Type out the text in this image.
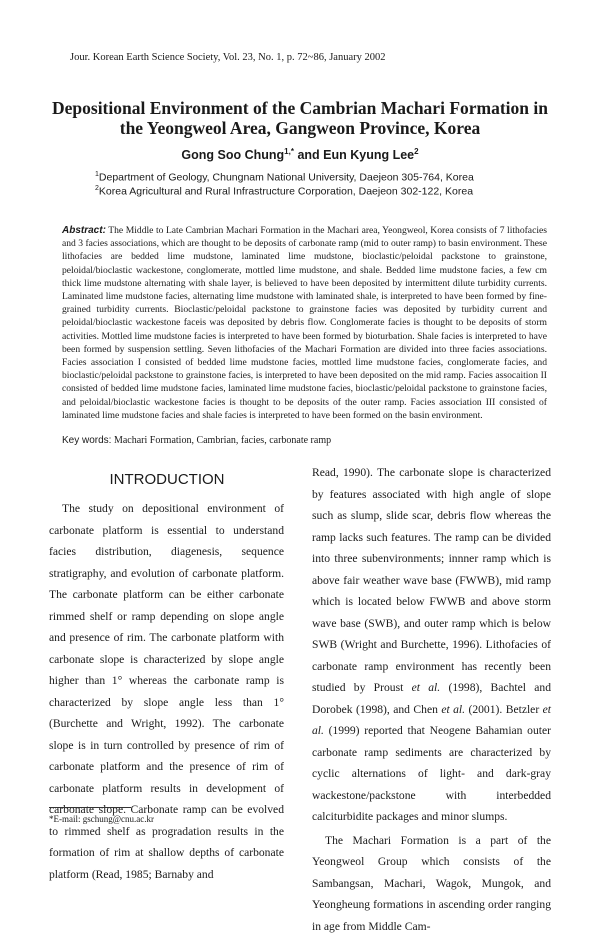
Jour. Korean Earth Science Society, Vol. 23, No. 1, p. 72~86, January 2002
Depositional Environment of the Cambrian Machari Formation in the Yeongweol Area, Gangweon Province, Korea
Gong Soo Chung$^{1,*}$ and Eun Kyung Lee$^2$
$^1$Department of Geology, Chungnam National University, Daejeon 305-764, Korea
$^2$Korea Agricultural and Rural Infrastructure Corporation, Daejeon 302-122, Korea
Abstract: The Middle to Late Cambrian Machari Formation in the Machari area, Yeongweol, Korea consists of 7 lithofacies and 3 facies associations, which are thought to be deposits of carbonate ramp (mid to outer ramp) to basin environment. These lithofacies are bedded lime mudstone, laminated lime mudstone, bioclastic/peloidal packstone to grainstone, peloidal/bioclastic wackestone, conglomerate, mottled lime mudstone, and shale. Bedded lime mudstone facies, a few cm thick lime mudstone alternating with shale layer, is believed to have been deposited by intermittent dilute turbidity currents. Laminated lime mudstone facies, alternating lime mudstone with laminated shale, is interpreted to have been formed by fine-grained turbidity currents. Bioclastic/peloidal packstone to grainstone facies was deposited by turbidity current and peloidal/bioclastic wackestone faceis was deposited by debris flow. Conglomerate facies is thought to be deposits of storm activities. Mottled lime mudstone facies is interpreted to have been formed by bioturbation. Shale facies is interpreted to have been formed by suspension settling. Seven lithofacies of the Machari Formation are divided into three facies associations. Facies association I consisted of bedded lime mudstone facies, mottled lime mudstone facies, conglomerate facies, and bioclastic/peloidal packstone to grainstone facies, is interpreted to have been deposited on the mid ramp. Facies assocaition II consisted of bedded lime mudstone facies, laminated lime mudstone facies, bioclastic/peloidal packstone to grainstone facies, and peloidal/bioclastic wackestone facies is thought to be deposits of the outer ramp. Facies association III consisted of laminated lime mudstone facies and shale facies is interpreted to have been formed on the basin environment.
Key words: Machari Formation, Cambrian, facies, carbonate ramp
INTRODUCTION

The study on depositional environment of carbonate platform is essential to understand facies distribution, diagenesis, sequence stratigraphy, and evolution of carbonate platform. The carbonate platform can be either carbonate rimmed shelf or ramp depending on slope angle and presence of rim. The carbonate platform with carbonate slope is characterized by slope angle higher than 1° whereas the carbonate ramp is characterized by slope angle less than 1° (Burchette and Wright, 1992). The carbonate slope is in turn controlled by presence of rim of carbonate platform and the presence of rim of carbonate platform results in development of carbonate slope. Carbonate ramp can be evolved to rimmed shelf as progradation results in the formation of rim at shallow depths of carbonate platform (Read, 1985; Barnaby and

Read, 1990). The carbonate slope is characterized by features associated with high angle of slope such as slump, slide scar, debris flow whereas the ramp lacks such features. The ramp can be divided into three subenvironments; innner ramp which is above fair weather wave base (FWWB), mid ramp which is located below FWWB and above storm wave base (SWB), and outer ramp which is below SWB (Wright and Burchette, 1996). Lithofacies of carbonate ramp environment has recently been studied by Proust et al. (1998), Bachtel and Dorobek (1998), and Chen et al. (2001). Betzler et al. (1999) reported that Neogene Bahamian outer carbonate ramp sediments are characterized by cyclic alternations of light- and dark-gray wackestone/packstone with interbedded calciturbidite packages and minor slumps.

The Machari Formation is a part of the Yeongweol Group which consists of the Sambangsan, Machari, Wagok, Mungok, and Yeongheung formations in ascending order ranging in age from Middle Cam-

*E-mail: gschung@cnu.ac.kr
